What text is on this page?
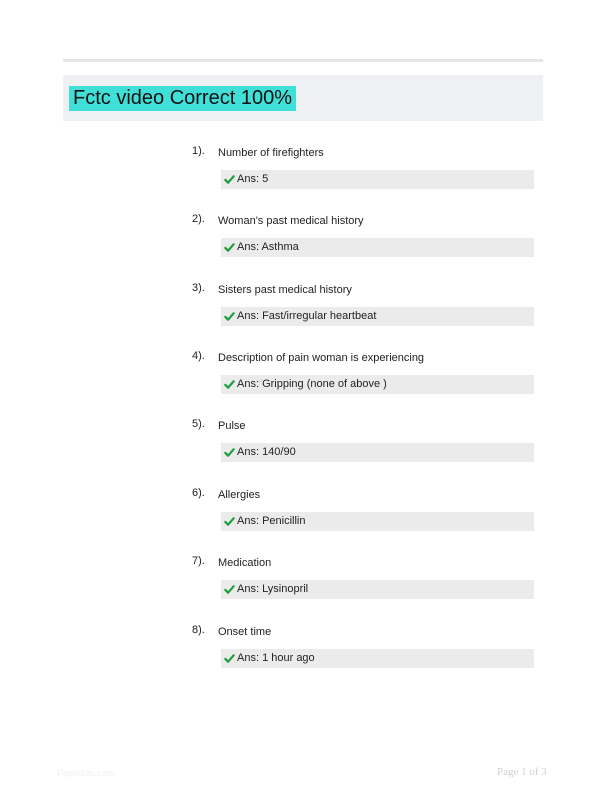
Fctc video Correct 100%
1). Number of firefighters
Ans: 5
2). Woman's past medical history
Ans: Asthma
3). Sisters past medical history
Ans: Fast/irregular heartbeat
4). Description of pain woman is experiencing
Ans: Gripping (none of above )
5). Pulse
Ans: 140/90
6). Allergies
Ans: Penicillin
7). Medication
Ans: Lysinopril
8). Onset time
Ans: 1 hour ago
Paperblic.com	Page 1 of 3
